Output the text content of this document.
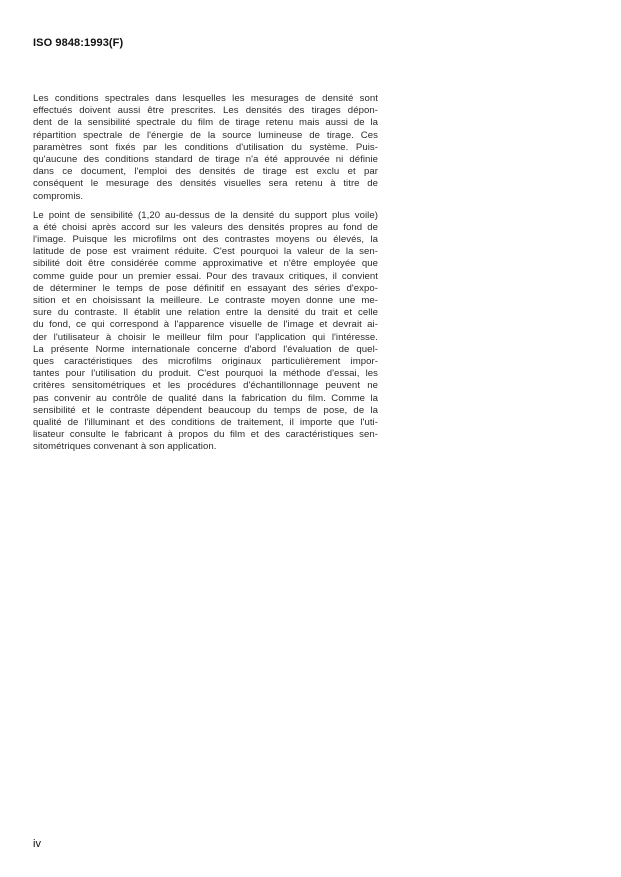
ISO 9848:1993(F)
Les conditions spectrales dans lesquelles les mesurages de densité sont
effectués doivent aussi être prescrites. Les densités des tirages dépon-
dent de la sensibilité spectrale du film de tirage retenu mais aussi de la
répartition spectrale de l'énergie de la source lumineuse de tirage. Ces
paramètres sont fixés par les conditions d'utilisation du système. Puis-
qu'aucune des conditions standard de tirage n'a été approuvée ni définie
dans ce document, l'emploi des densités de tirage est exclu et par
conséquent le mesurage des densités visuelles sera retenu à titre de
compromis.
Le point de sensibilité (1,20 au-dessus de la densité du support plus voile)
a été choisi après accord sur les valeurs des densités propres au fond de
l'image. Puisque les microfilms ont des contrastes moyens ou élevés, la
latitude de pose est vraiment réduite. C'est pourquoi la valeur de la sen-
sibilité doit être considérée comme approximative et n'être employée que
comme guide pour un premier essai. Pour des travaux critiques, il convient
de déterminer le temps de pose définitif en essayant des séries d'expo-
sition et en choisissant la meilleure. Le contraste moyen donne une me-
sure du contraste. Il établit une relation entre la densité du trait et celle
du fond, ce qui correspond à l'apparence visuelle de l'image et devrait ai-
der l'utilisateur à choisir le meilleur film pour l'application qui l'intéresse.
La présente Norme internationale concerne d'abord l'évaluation de quel-
ques caractéristiques des microfilms originaux particulièrement impor-
tantes pour l'utilisation du produit. C'est pourquoi la méthode d'essai, les
critères sensitométriques et les procédures d'échantillonnage peuvent ne
pas convenir au contrôle de qualité dans la fabrication du film. Comme la
sensibilité et le contraste dépendent beaucoup du temps de pose, de la
qualité de l'illuminant et des conditions de traitement, il importe que l'uti-
lisateur consulte le fabricant à propos du film et des caractéristiques sen-
sitométriques convenant à son application.
iv
